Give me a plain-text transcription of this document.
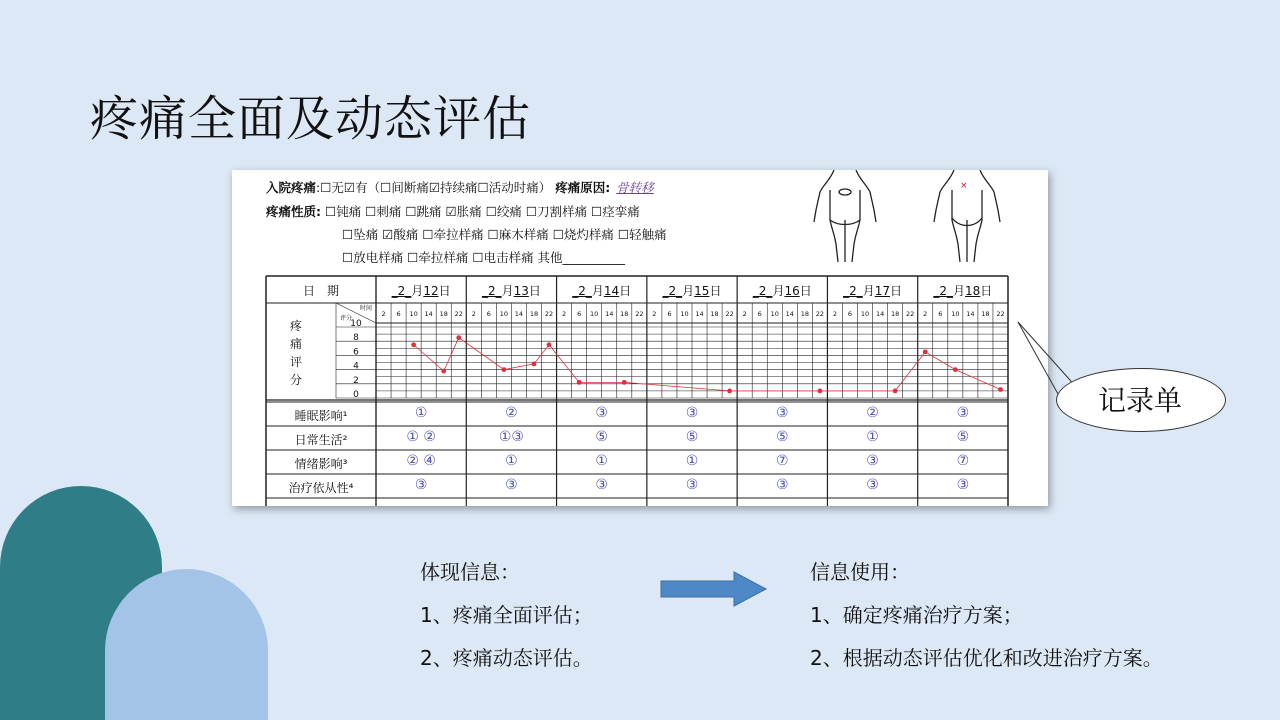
疼痛全面及动态评估
入院疼痛:☐无☑有（☐间断痛☑持续痛☐活动时痛） 疼痛原因: 骨转移
疼痛性质: ☐钝痛 ☐刺痛 ☐跳痛 ☑胀痛 ☐绞痛 ☐刀割样痛 ☐痉挛痛
☐坠痛 ☑酸痛 ☐牵拉样痛 ☐麻木样痛 ☐烧灼样痛 ☐轻触痛
☐放电样痛 ☐牵拉样痛 ☐电击样痛 其他__________
×
2 6 10 14 18 22 2 6 10 14 18 22 2 6 10 14 18 22 2 6 10 14 18 22 2 6 10 14 18 22 2 6 10 14 18 22 2 6 10 14 18 22
时间
评分
10
8
6
4
2
0
日　期	_2_月12日	_2_月13日	_2_月14日	_2_月15日	_2_月16日	_2_月17日	_2_月18日
疼
痛
评
分
睡眠影响¹	①	②	③	③	③	②	③
日常生活²	① ②	①③	⑤	⑤	⑤	①	⑤
情绪影响³	② ④	①	①	①	⑦	③	⑦
治疗依从性⁴	③	③	③	③	③	③	③
记录单
体现信息：
1、疼痛全面评估；
2、疼痛动态评估。
信息使用：
1、确定疼痛治疗方案；
2、根据动态评估优化和改进治疗方案。
